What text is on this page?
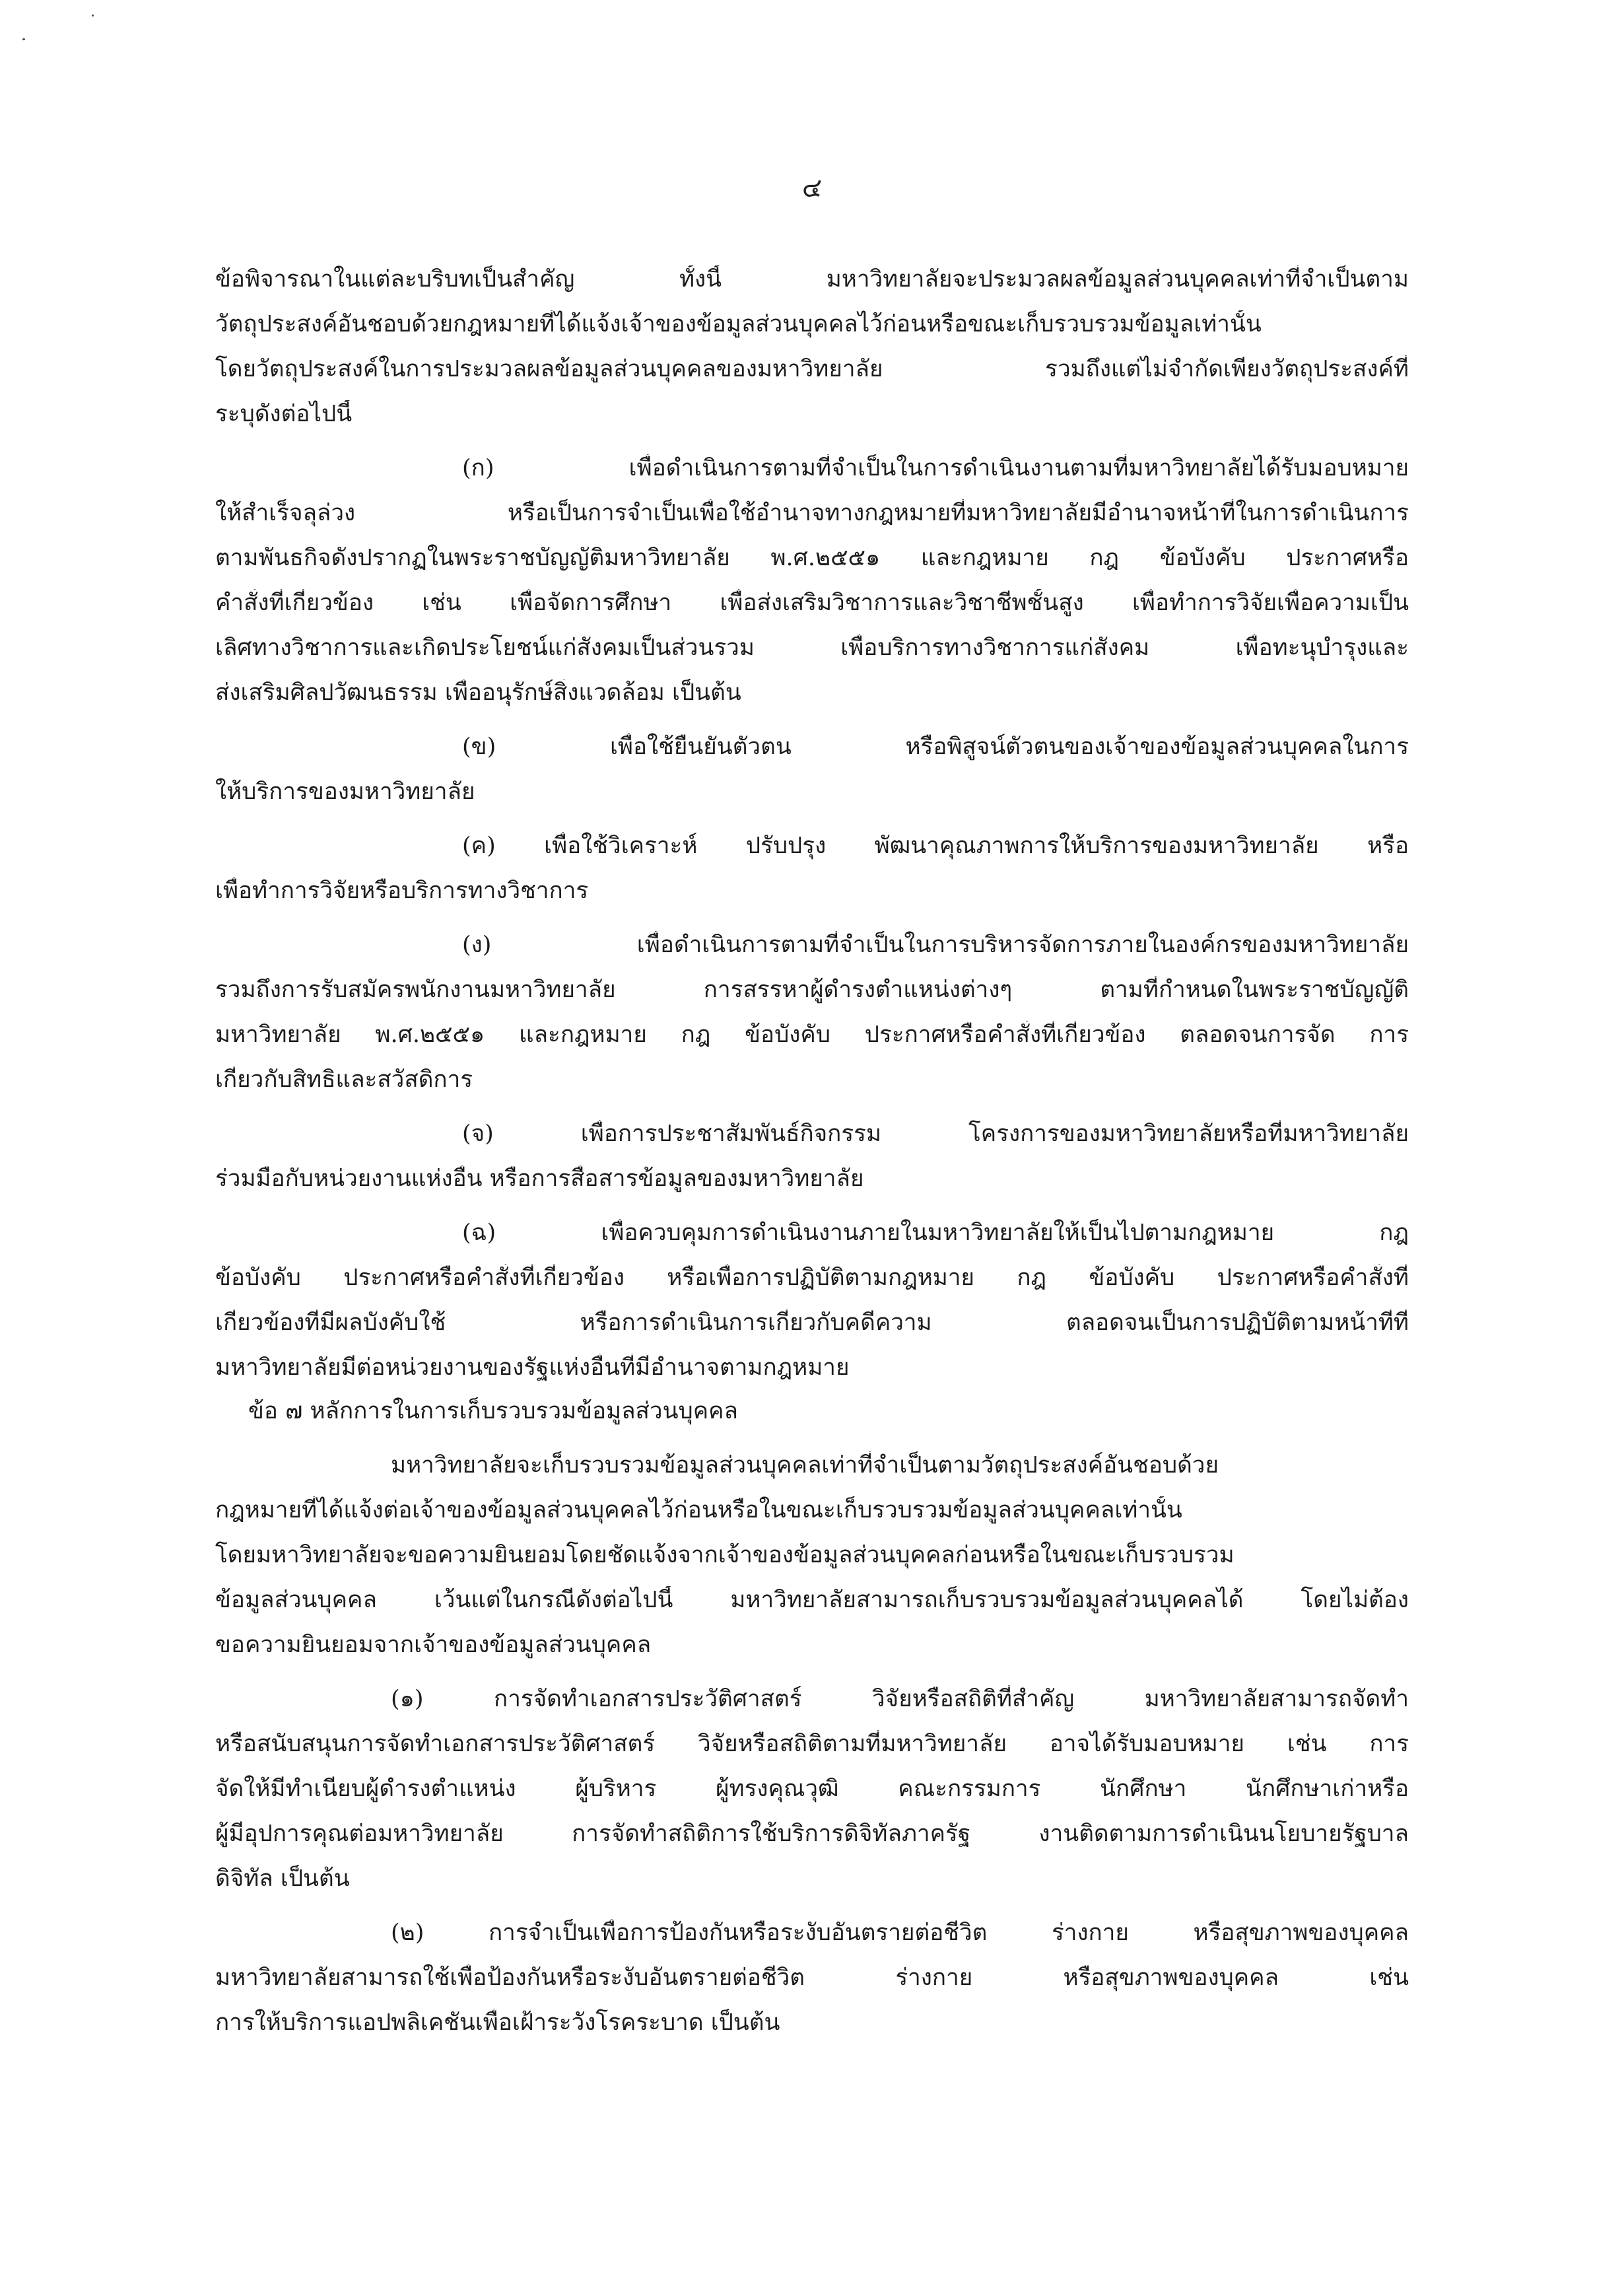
๔
ข้อพิจารณาในแต่ละบริบทเป็นสำคัญ ทั้งนี้ มหาวิทยาลัยจะประมวลผลข้อมูลส่วนบุคคลเท่าที่จำเป็นตาม
วัตถุประสงค์อันชอบด้วยกฎหมายที่ได้แจ้งเจ้าของข้อมูลส่วนบุคคลไว้ก่อนหรือขณะเก็บรวบรวมข้อมูลเท่านั้น
โดยวัตถุประสงค์ในการประมวลผลข้อมูลส่วนบุคคลของมหาวิทยาลัย รวมถึงแต่ไม่จำกัดเพียงวัตถุประสงค์ที่
ระบุดังต่อไปนี้
(ก) เพื่อดำเนินการตามที่จำเป็นในการดำเนินงานตามที่มหาวิทยาลัยได้รับมอบหมาย
ให้สำเร็จลุล่วง หรือเป็นการจำเป็นเพื่อใช้อำนาจทางกฎหมายที่มหาวิทยาลัยมีอำนาจหน้าที่ในการดำเนินการ
ตามพันธกิจดังปรากฏในพระราชบัญญัติมหาวิทยาลัย พ.ศ.๒๕๕๑ และกฎหมาย กฎ ข้อบังคับ ประกาศหรือ
คำสั่งที่เกี่ยวข้อง เช่น เพื่อจัดการศึกษา เพื่อส่งเสริมวิชาการและวิชาชีพชั้นสูง เพื่อทำการวิจัยเพื่อความเป็น
เลิศทางวิชาการและเกิดประโยชน์แก่สังคมเป็นส่วนรวม เพื่อบริการทางวิชาการแก่สังคม เพื่อทะนุบำรุงและ
ส่งเสริมศิลปวัฒนธรรม เพื่ออนุรักษ์สิ่งแวดล้อม เป็นต้น
(ข) เพื่อใช้ยืนยันตัวตน หรือพิสูจน์ตัวตนของเจ้าของข้อมูลส่วนบุคคลในการ
ให้บริการของมหาวิทยาลัย
(ค) เพื่อใช้วิเคราะห์ ปรับปรุง พัฒนาคุณภาพการให้บริการของมหาวิทยาลัย หรือ
เพื่อทำการวิจัยหรือบริการทางวิชาการ
(ง) เพื่อดำเนินการตามที่จำเป็นในการบริหารจัดการภายในองค์กรของมหาวิทยาลัย
รวมถึงการรับสมัครพนักงานมหาวิทยาลัย การสรรหาผู้ดำรงตำแหน่งต่างๆ ตามที่กำหนดในพระราชบัญญัติ
มหาวิทยาลัย พ.ศ.๒๕๕๑ และกฎหมาย กฎ ข้อบังคับ ประกาศหรือคำสั่งที่เกี่ยวข้อง ตลอดจนการจัด การ
เกี่ยวกับสิทธิและสวัสดิการ
(จ) เพื่อการประชาสัมพันธ์กิจกรรม โครงการของมหาวิทยาลัยหรือที่มหาวิทยาลัย
ร่วมมือกับหน่วยงานแห่งอื่น หรือการสื่อสารข้อมูลของมหาวิทยาลัย
(ฉ) เพื่อควบคุมการดำเนินงานภายในมหาวิทยาลัยให้เป็นไปตามกฎหมาย กฎ
ข้อบังคับ ประกาศหรือคำสั่งที่เกี่ยวข้อง หรือเพื่อการปฏิบัติตามกฎหมาย กฎ ข้อบังคับ ประกาศหรือคำสั่งที่
เกี่ยวข้องที่มีผลบังคับใช้ หรือการดำเนินการเกี่ยวกับคดีความ ตลอดจนเป็นการปฏิบัติตามหน้าที่ที่
มหาวิทยาลัยมีต่อหน่วยงานของรัฐแห่งอื่นที่มีอำนาจตามกฎหมาย
ข้อ ๗ หลักการในการเก็บรวบรวมข้อมูลส่วนบุคคล
มหาวิทยาลัยจะเก็บรวบรวมข้อมูลส่วนบุคคลเท่าที่จำเป็นตามวัตถุประสงค์อันชอบด้วย
กฎหมายที่ได้แจ้งต่อเจ้าของข้อมูลส่วนบุคคลไว้ก่อนหรือในขณะเก็บรวบรวมข้อมูลส่วนบุคคลเท่านั้น
โดยมหาวิทยาลัยจะขอความยินยอมโดยชัดแจ้งจากเจ้าของข้อมูลส่วนบุคคลก่อนหรือในขณะเก็บรวบรวม
ข้อมูลส่วนบุคคล เว้นแต่ในกรณีดังต่อไปนี้ มหาวิทยาลัยสามารถเก็บรวบรวมข้อมูลส่วนบุคคลได้ โดยไม่ต้อง
ขอความยินยอมจากเจ้าของข้อมูลส่วนบุคคล
(๑) การจัดทำเอกสารประวัติศาสตร์ วิจัยหรือสถิติที่สำคัญ มหาวิทยาลัยสามารถจัดทำ
หรือสนับสนุนการจัดทำเอกสารประวัติศาสตร์ วิจัยหรือสถิติตามที่มหาวิทยาลัย อาจได้รับมอบหมาย เช่น การ
จัดให้มีทำเนียบผู้ดำรงตำแหน่ง ผู้บริหาร ผู้ทรงคุณวุฒิ คณะกรรมการ นักศึกษา นักศึกษาเก่าหรือ
ผู้มีอุปการคุณต่อมหาวิทยาลัย การจัดทำสถิติการใช้บริการดิจิทัลภาครัฐ งานติดตามการดำเนินนโยบายรัฐบาล
ดิจิทัล เป็นต้น
(๒) การจำเป็นเพื่อการป้องกันหรือระงับอันตรายต่อชีวิต ร่างกาย หรือสุขภาพของบุคคล
มหาวิทยาลัยสามารถใช้เพื่อป้องกันหรือระงับอันตรายต่อชีวิต ร่างกาย หรือสุขภาพของบุคคล เช่น
การให้บริการแอปพลิเคชันเพื่อเฝ้าระวังโรคระบาด เป็นต้น
